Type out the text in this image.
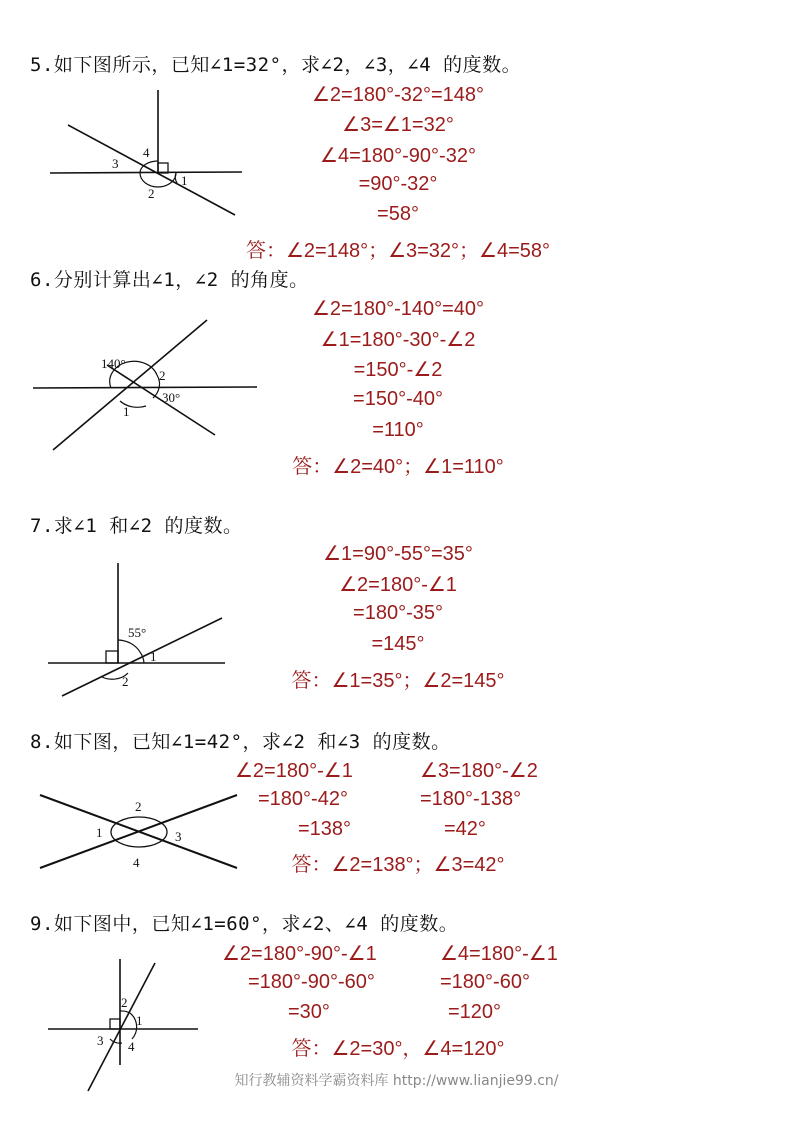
5.如下图所示，已知∠1=32°，求∠2，∠3，∠4 的度数。
4
3
1
2
∠2=180°-32°=148°
∠3=∠1=32°
∠4=180°-90°-32°
=90°-32°
=58°
答：∠2=148°；∠3=32°；∠4=58°
6.分别计算出∠1，∠2 的角度。
140°
2
30°
1
∠2=180°-140°=40°
∠1=180°-30°-∠2
=150°-∠2
=150°-40°
=110°
答：∠2=40°；∠1=110°
7.求∠1 和∠2 的度数。
55°
1
2
∠1=90°-55°=35°
∠2=180°-∠1
=180°-35°
=145°
答：∠1=35°；∠2=145°
8.如下图，已知∠1=42°，求∠2 和∠3 的度数。
2
1	3
4
∠2=180°-∠1
=180°-42°
=138°
∠3=180°-∠2
=180°-138°
=42°
答：∠2=138°；∠3=42°
9.如下图中，已知∠1=60°，求∠2、∠4 的度数。
2
1
3 4
∠2=180°-90°-∠1
=180°-90°-60°
=30°
∠4=180°-∠1
=180°-60°
=120°
答：∠2=30°，∠4=120°
知行教辅资料学霸资料库 http://www.lianjie99.cn/
